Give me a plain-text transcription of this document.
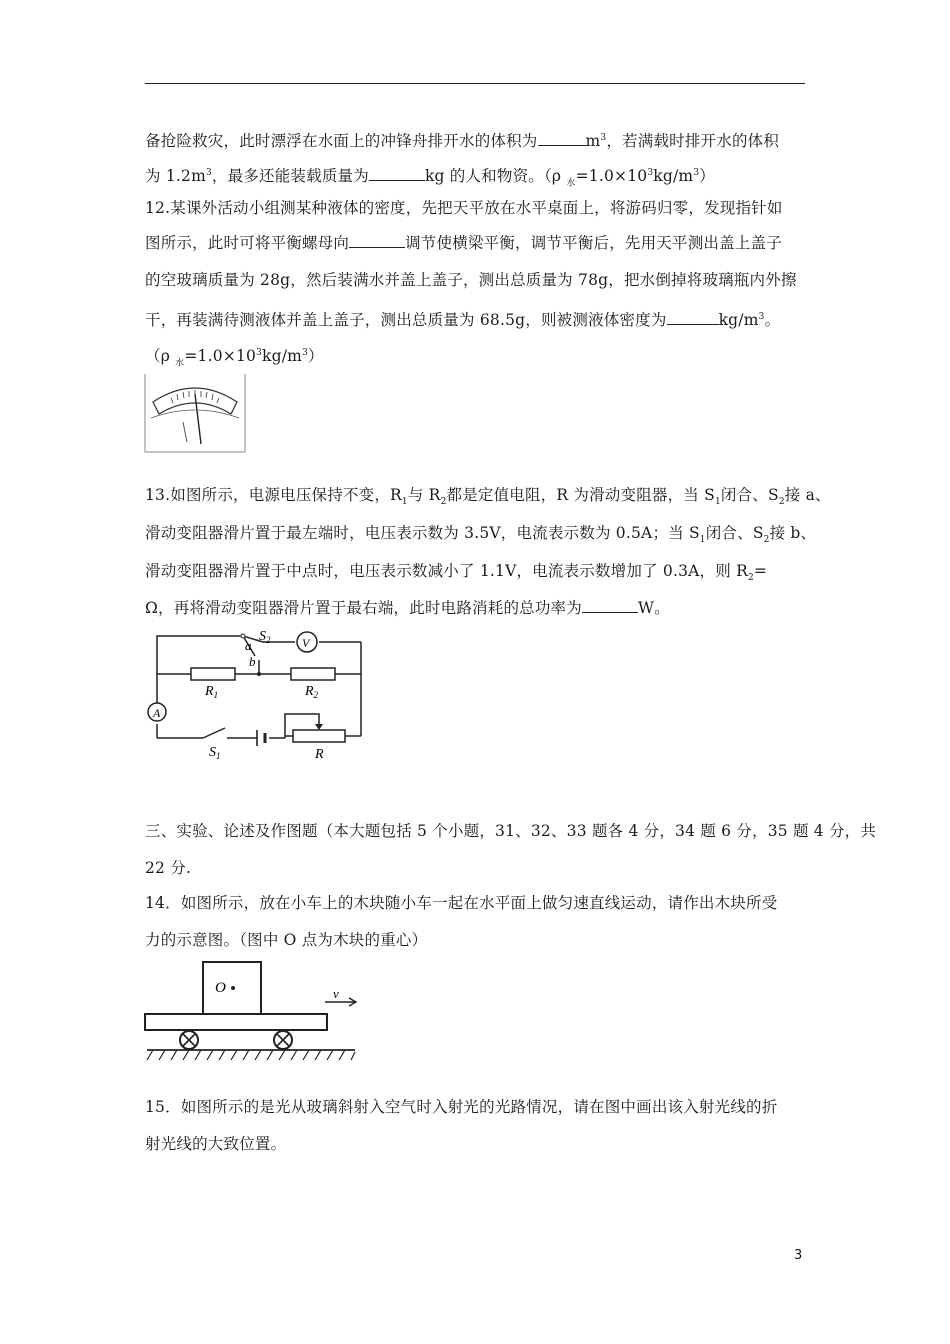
备抢险救灾，此时漂浮在水面上的冲锋舟排开水的体积为	$m^3$，若满载时排开水的体积
为 $1.2m^3$，最多还能装载质量为	kg 的人和物资。（ρ $_水=1.0\times 10^3kg/m^3$）
12.某课外活动小组测某种液体的密度，先把天平放在水平桌面上，将游码归零，发现指针如
图所示，此时可将平衡螺母向	调节使横梁平衡，调节平衡后，先用天平测出盖上盖子
的空玻璃质量为 28g，然后装满水并盖上盖子，测出总质量为 78g，把水倒掉将玻璃瓶内外擦
干，再装满待测液体并盖上盖子，测出总质量为 68.5g，则被测液体密度为	$kg/m^3$。
（ρ $_水=1.0\times 10^3kg/m^3$）
13.如图所示，电源电压保持不变，$R_1$与 $R_2$都是定值电阻，R 为滑动变阻器，当 $S_1$闭合、$S_2$接 a、
滑动变阻器滑片置于最左端时，电压表示数为 3.5V，电流表示数为 0.5A；当 $S_1$闭合、$S_2$接 b、
滑动变阻器滑片置于中点时，电压表示数减小了 1.1V，电流表示数增加了 0.3A，则 $R_2=$
Ω，再将滑动变阻器滑片置于最右端，此时电路消耗的总功率为	W。
V
A
$S_2$
a
b
$R_1$	$R_2$
$S_1$	R
三、实验、论述及作图题（本大题包括 5 个小题，31、32、33 题各 4 分，34 题 6 分，35 题 4 分，共
22 分.
14．如图所示，放在小车上的木块随小车一起在水平面上做匀速直线运动，请作出木块所受
力的示意图。（图中 O 点为木块的重心）
O	v
15．如图所示的是光从玻璃斜射入空气时入射光的光路情况，请在图中画出该入射光线的折
射光线的大致位置。
3
